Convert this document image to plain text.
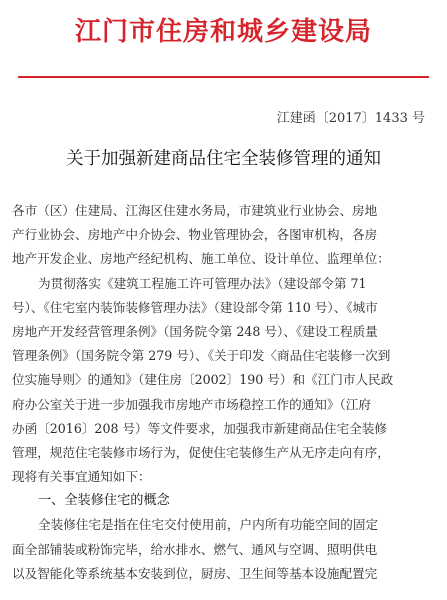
江门市住房和城乡建设局
江建函〔2017〕1433 号
关于加强新建商品住宅全装修管理的通知
各市（区）住建局、江海区住建水务局，市建筑业行业协会、房地
产行业协会、房地产中介协会、物业管理协会，各图审机构，各房
地产开发企业、房地产经纪机构、施工单位、设计单位、监理单位：
为贯彻落实《建筑工程施工许可管理办法》（建设部令第 71
号）、《住宅室内装饰装修管理办法》（建设部令第 110 号）、《城市
房地产开发经营管理条例》（国务院令第 248 号）、《建设工程质量
管理条例》（国务院令第 279 号）、《关于印发〈商品住宅装修一次到
位实施导则〉的通知》（建住房〔2002〕190 号）和《江门市人民政
府办公室关于进一步加强我市房地产市场稳控工作的通知》（江府
办函〔2016〕208 号）等文件要求，加强我市新建商品住宅全装修
管理，规范住宅装修市场行为，促使住宅装修生产从无序走向有序，
现将有关事宜通知如下：
一、全装修住宅的概念
全装修住宅是指在住宅交付使用前，户内所有功能空间的固定
面全部铺装或粉饰完毕，给水排水、燃气、通风与空调、照明供电
以及智能化等系统基本安装到位，厨房、卫生间等基本设施配置完
